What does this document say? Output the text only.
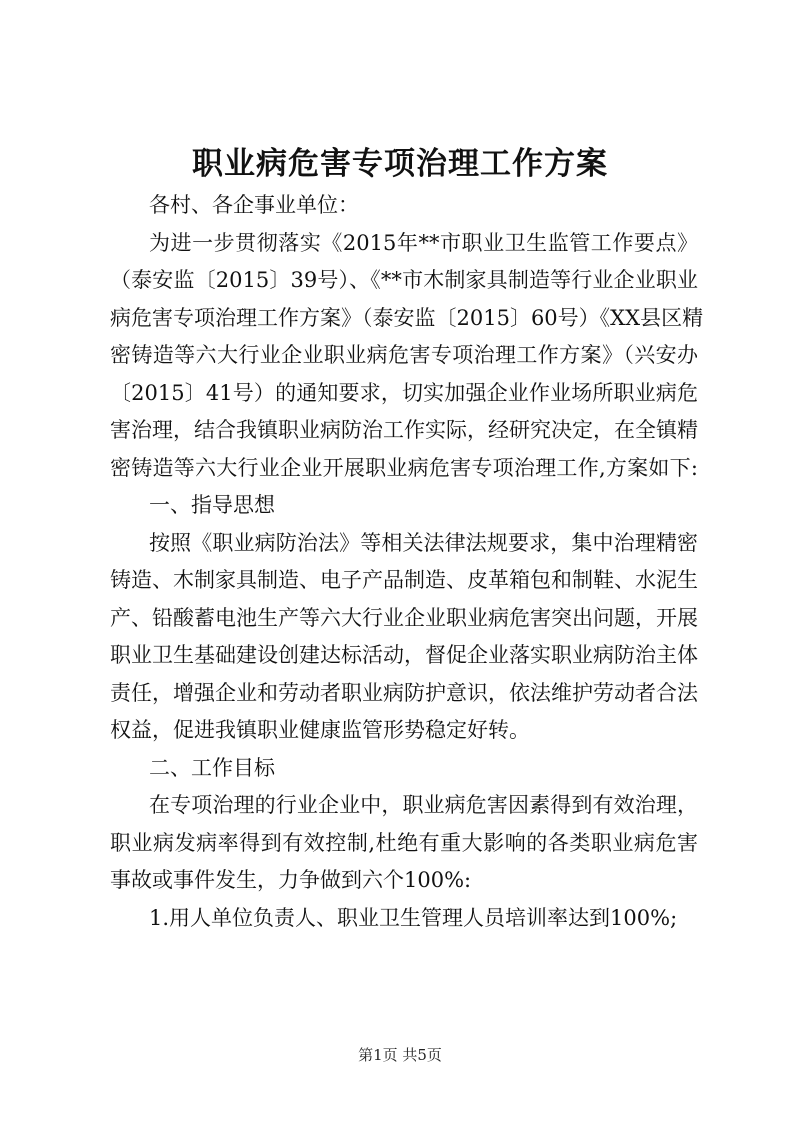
职业病危害专项治理工作方案
各村、各企事业单位：
为进一步贯彻落实《2015年**市职业卫生监管工作要点》
（泰安监〔2015〕39号）、《**市木制家具制造等行业企业职业
病危害专项治理工作方案》（泰安监〔2015〕60号）《XX县区精
密铸造等六大行业企业职业病危害专项治理工作方案》（兴安办
〔2015〕41号）的通知要求，切实加强企业作业场所职业病危
害治理，结合我镇职业病防治工作实际，经研究决定，在全镇精
密铸造等六大行业企业开展职业病危害专项治理工作,方案如下:
一、指导思想
按照《职业病防治法》等相关法律法规要求，集中治理精密
铸造、木制家具制造、电子产品制造、皮革箱包和制鞋、水泥生
产、铅酸蓄电池生产等六大行业企业职业病危害突出问题，开展
职业卫生基础建设创建达标活动，督促企业落实职业病防治主体
责任，增强企业和劳动者职业病防护意识，依法维护劳动者合法
权益，促进我镇职业健康监管形势稳定好转。
二、工作目标
在专项治理的行业企业中，职业病危害因素得到有效治理，
职业病发病率得到有效控制,杜绝有重大影响的各类职业病危害
事故或事件发生，力争做到六个100%:
1.用人单位负责人、职业卫生管理人员培训率达到100%;
第1页 共5页
